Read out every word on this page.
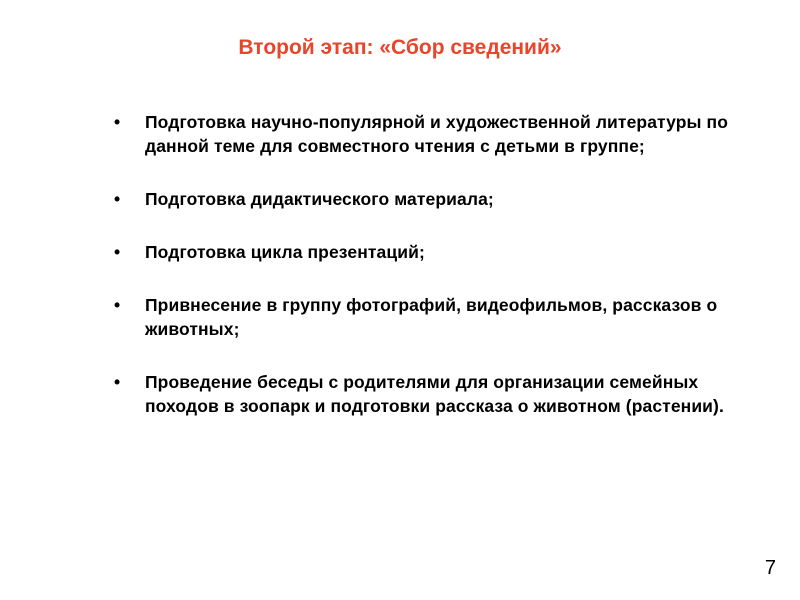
Второй этап: «Сбор сведений»
•	Подготовка научно-популярной и художественной литературы по данной теме для совместного чтения с детьми в группе;
•	Подготовка дидактического материала;
•	Подготовка цикла презентаций;
•	Привнесение в группу фотографий, видеофильмов, рассказов о животных;
•	Проведение беседы с родителями для организации семейных походов в зоопарк и подготовки рассказа о животном (растении).
7
